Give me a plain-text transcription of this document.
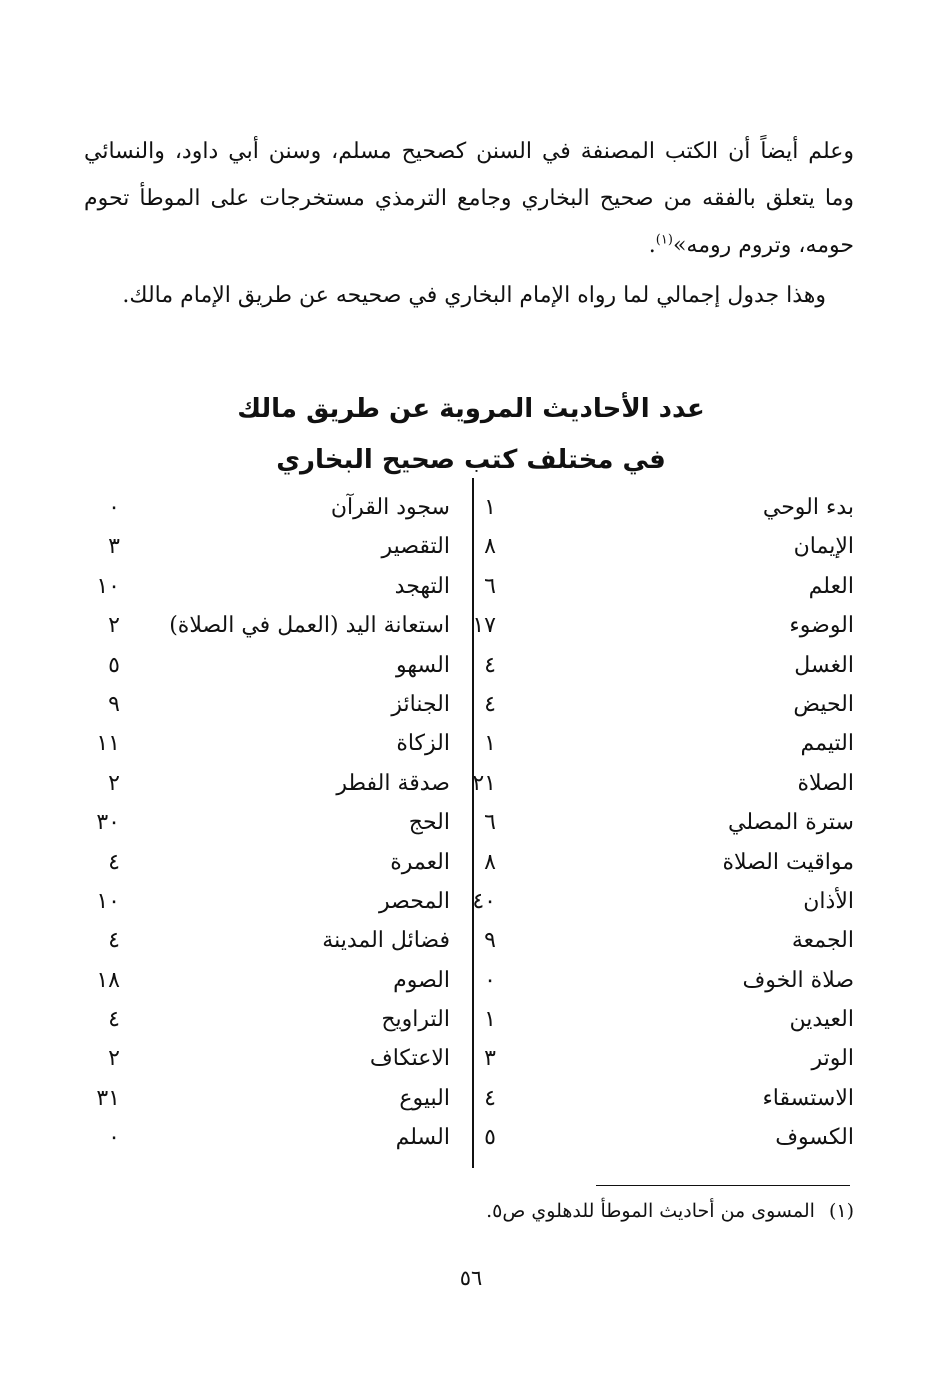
وعلم أيضاً أن الكتب المصنفة في السنن كصحيح مسلم، وسنن أبي داود، والنسائي وما يتعلق بالفقه من صحيح البخاري وجامع الترمذي مستخرجات على الموطأ تحوم حومه، وتروم رومه»$^{(١)}$.

وهذا جدول إجمالي لما رواه الإمام البخاري في صحيحه عن طريق الإمام مالك.

عدد الأحاديث المروية عن طريق مالك
في مختلف كتب صحيح البخاري
بدء الوحي
١
الإيمان
٨
العلم
٦
الوضوء
١٧
الغسل
٤
الحيض
٤
التيمم
١
الصلاة
٢١
سترة المصلي
٦
مواقيت الصلاة
٨
الأذان
٤٠
الجمعة
٩
صلاة الخوف
٠
العيدين
١
الوتر
٣
الاستسقاء
٤
الكسوف
٥
سجود القرآن
٠
التقصير
٣
التهجد
١٠
استعانة اليد (العمل في الصلاة)
٢
السهو
٥
الجنائز
٩
الزكاة
١١
صدقة الفطر
٢
الحج
٣٠
العمرة
٤
المحصر
١٠
فضائل المدينة
٤
الصوم
١٨
التراويح
٤
الاعتكاف
٢
البيوع
٣١
السلم
٠

(١)المسوى من أحاديث الموطأ للدهلوي ص٥.

٥٦
